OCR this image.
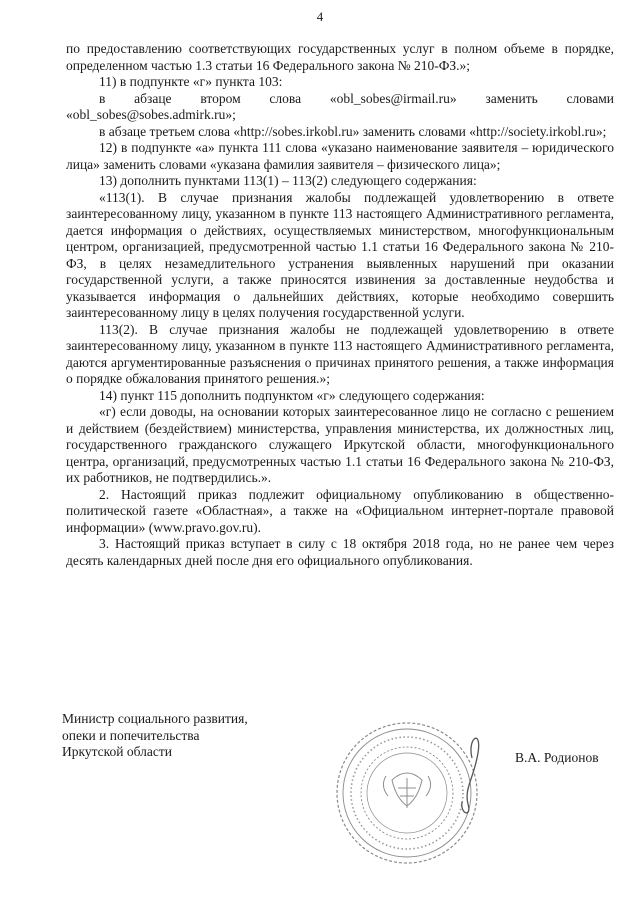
4

по предоставлению соответствующих государственных услуг в полном объеме в порядке, определенном частью 1.3 статьи 16 Федерального закона № 210-ФЗ.»;

11) в подпункте «г» пункта 103:

в абзаце втором слова «obl_sobes@irmail.ru» заменить словами «obl_sobes@sobes.admirk.ru»;

в абзаце третьем слова «http://sobes.irkobl.ru» заменить словами «http://society.irkobl.ru»;

12) в подпункте «а» пункта 111 слова «указано наименование заявителя – юридического лица» заменить словами «указана фамилия заявителя – физического лица»;

13) дополнить пунктами 113(1) – 113(2) следующего содержания:

«113(1). В случае признания жалобы подлежащей удовлетворению в ответе заинтересованному лицу, указанном в пункте 113 настоящего Административного регламента, дается информация о действиях, осуществляемых министерством, многофункциональным центром, организацией, предусмотренной частью 1.1 статьи 16 Федерального закона № 210-ФЗ, в целях незамедлительного устранения выявленных нарушений при оказании государственной услуги, а также приносятся извинения за доставленные неудобства и указывается информация о дальнейших действиях, которые необходимо совершить заинтересованному лицу в целях получения государственной услуги.

113(2). В случае признания жалобы не подлежащей удовлетворению в ответе заинтересованному лицу, указанном в пункте 113 настоящего Административного регламента, даются аргументированные разъяснения о причинах принятого решения, а также информация о порядке обжалования принятого решения.»;

14) пункт 115 дополнить подпунктом «г» следующего содержания:

«г) если доводы, на основании которых заинтересованное лицо не согласно с решением и действием (бездействием) министерства, управления министерства, их должностных лиц, государственного гражданского служащего Иркутской области, многофункционального центра, организаций, предусмотренных частью 1.1 статьи 16 Федерального закона № 210-ФЗ, их работников, не подтвердились.».

2. Настоящий приказ подлежит официальному опубликованию в общественно-политической газете «Областная», а также на «Официальном интернет-портале правовой информации» (www.pravo.gov.ru).

3. Настоящий приказ вступает в силу с 18 октября 2018 года, но не ранее чем через десять календарных дней после дня его официального опубликования.

Министр социального развития,
опеки и попечительства
Иркутской области	В.А. Родионов
